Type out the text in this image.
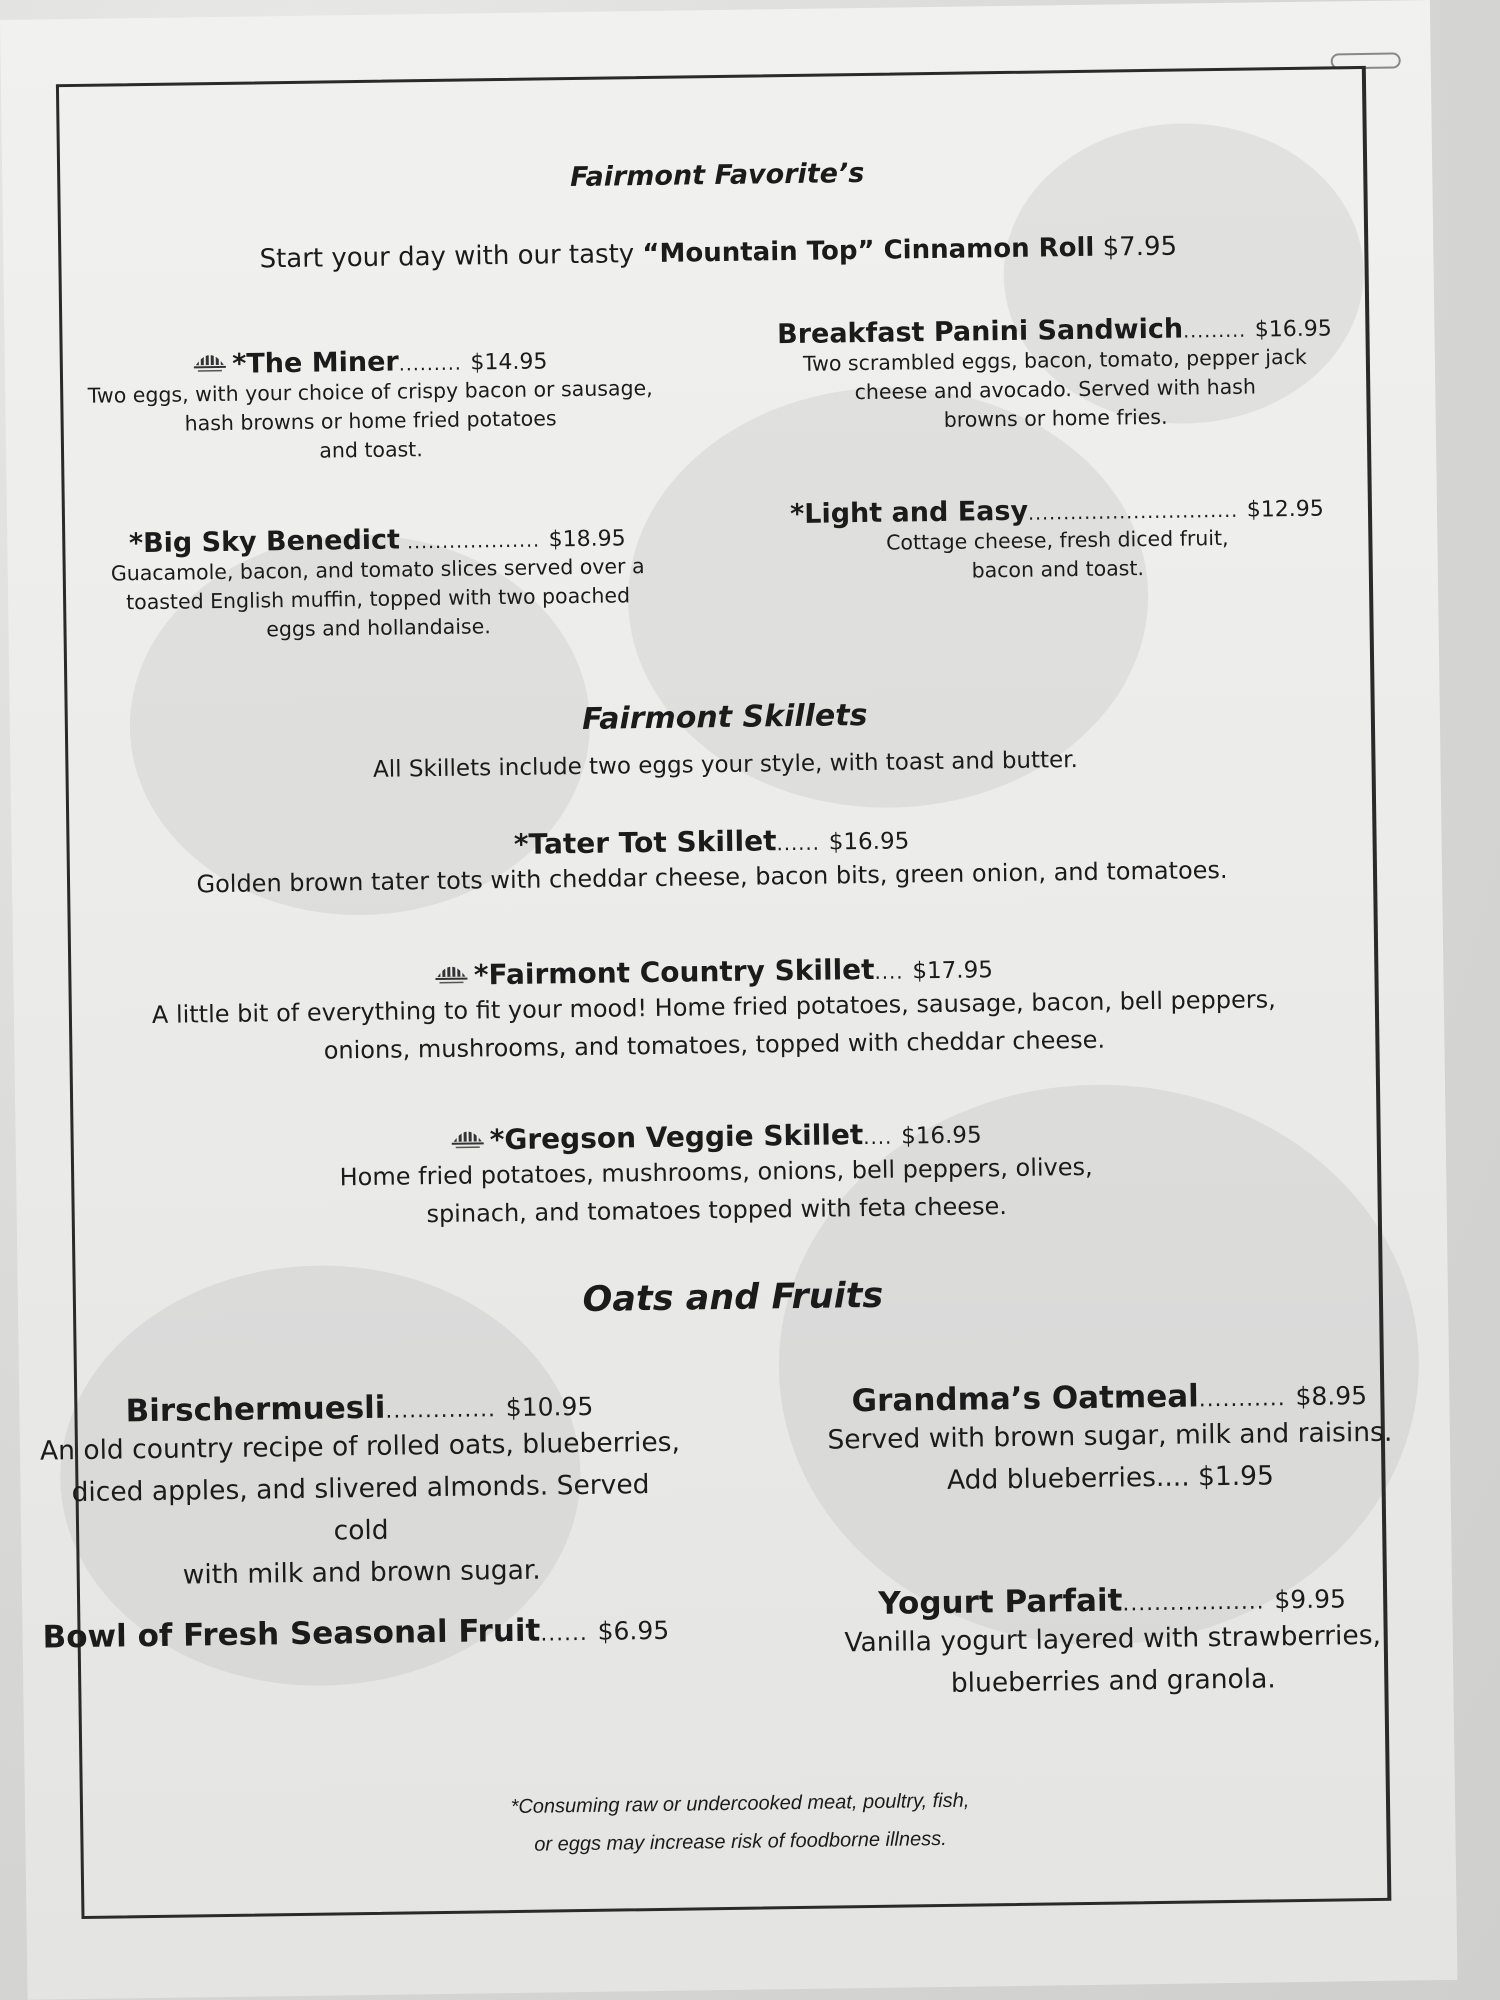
Fairmont Favorite’s
Start your day with our tasty “Mountain Top” Cinnamon Roll $7.95
*The Miner......... $14.95
Two eggs, with your choice of crispy bacon or sausage,
hash browns or home fried potatoes
and toast.
Breakfast Panini Sandwich......... $16.95
Two scrambled eggs, bacon, tomato, pepper jack
cheese and avocado. Served with hash
browns or home fries.
*Big Sky Benedict ................... $18.95
Guacamole, bacon, and tomato slices served over a
toasted English muffin, topped with two poached
eggs and hollandaise.
*Light and Easy.............................. $12.95
Cottage cheese, fresh diced fruit,
bacon and toast.
Fairmont Skillets
All Skillets include two eggs your style, with toast and butter.
*Tater Tot Skillet...... $16.95
Golden brown tater tots with cheddar cheese, bacon bits, green onion, and tomatoes.
*Fairmont Country Skillet.... $17.95
A little bit of everything to fit your mood! Home fried potatoes, sausage, bacon, bell peppers,
onions, mushrooms, and tomatoes, topped with cheddar cheese.
*Gregson Veggie Skillet.... $16.95
Home fried potatoes, mushrooms, onions, bell peppers, olives,
spinach, and tomatoes topped with feta cheese.
Oats and Fruits
Birschermuesli.............. $10.95
An old country recipe of rolled oats, blueberries,
diced apples, and slivered almonds. Served cold
with milk and brown sugar.
Grandma’s Oatmeal........... $8.95
Served with brown sugar, milk and raisins.
Add blueberries.... $1.95
Bowl of Fresh Seasonal Fruit...... $6.95
Yogurt Parfait.................. $9.95
Vanilla yogurt layered with strawberries,
blueberries and granola.
*Consuming raw or undercooked meat, poultry, fish,
or eggs may increase risk of foodborne illness.
